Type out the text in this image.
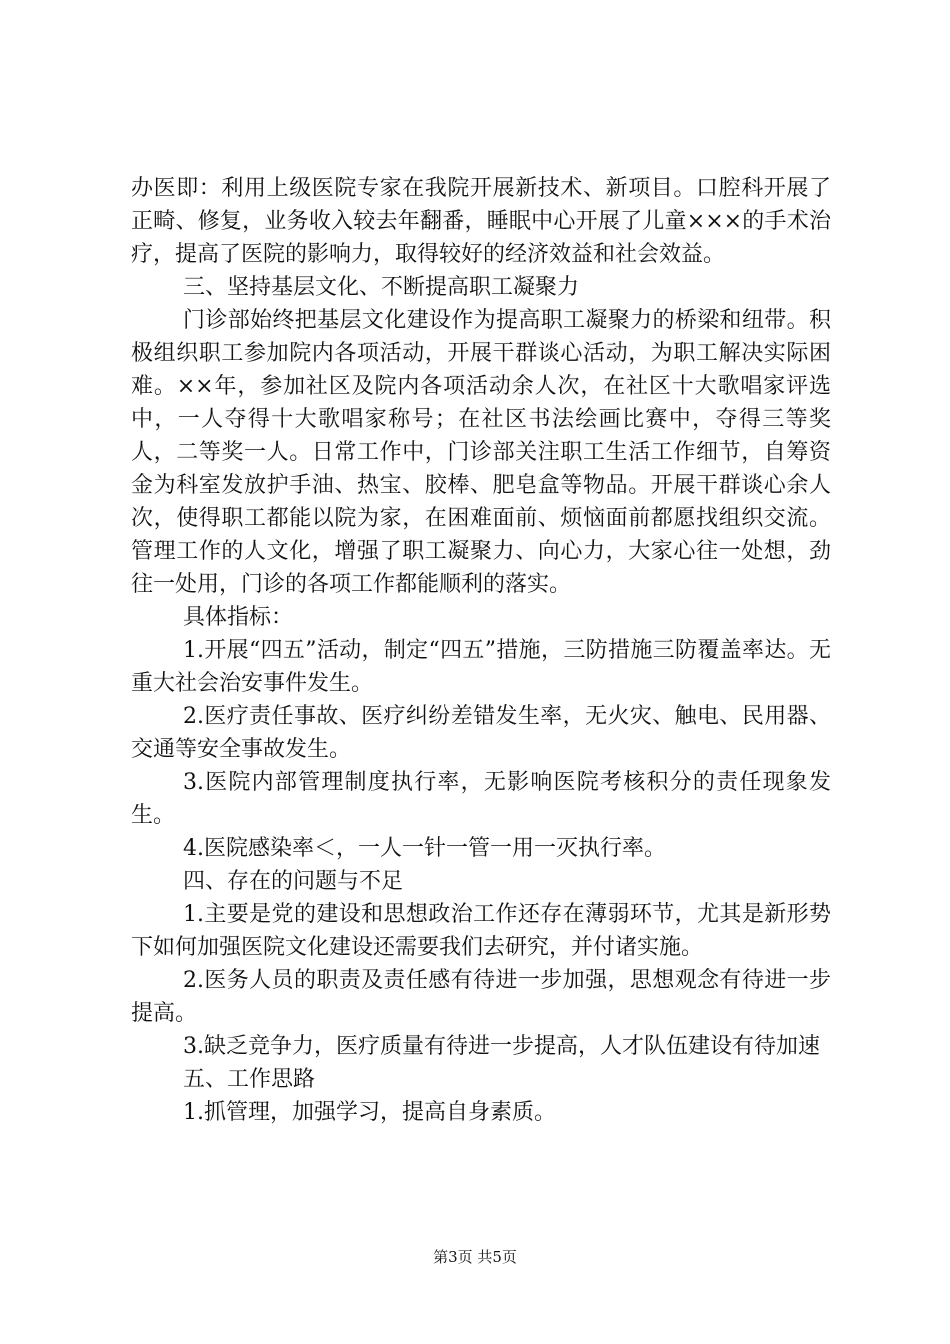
办医即：利用上级医院专家在我院开展新技术、新项目。口腔科开展了正畸、修复，业务收入较去年翻番，睡眠中心开展了儿童×××的手术治疗，提高了医院的影响力，取得较好的经济效益和社会效益。

三、坚持基层文化、不断提高职工凝聚力

门诊部始终把基层文化建设作为提高职工凝聚力的桥梁和纽带。积极组织职工参加院内各项活动，开展干群谈心活动，为职工解决实际困难。××年，参加社区及院内各项活动余人次，在社区十大歌唱家评选中，一人夺得十大歌唱家称号；在社区书法绘画比赛中，夺得三等奖人，二等奖一人。日常工作中，门诊部关注职工生活工作细节，自筹资金为科室发放护手油、热宝、胶棒、肥皂盒等物品。开展干群谈心余人次，使得职工都能以院为家，在困难面前、烦恼面前都愿找组织交流。管理工作的人文化，增强了职工凝聚力、向心力，大家心往一处想，劲往一处用，门诊的各项工作都能顺利的落实。

具体指标：

1.开展“四五”活动，制定“四五”措施，三防措施三防覆盖率达。无重大社会治安事件发生。

2.医疗责任事故、医疗纠纷差错发生率，无火灾、触电、民用器、交通等安全事故发生。

3.医院内部管理制度执行率，无影响医院考核积分的责任现象发生。

4.医院感染率＜，一人一针一管一用一灭执行率。

四、存在的问题与不足

1.主要是党的建设和思想政治工作还存在薄弱环节，尤其是新形势下如何加强医院文化建设还需要我们去研究，并付诸实施。

2.医务人员的职责及责任感有待进一步加强，思想观念有待进一步提高。

3.缺乏竞争力，医疗质量有待进一步提高，人才队伍建设有待加速

五、工作思路

1.抓管理，加强学习，提高自身素质。

第3页 共5页
